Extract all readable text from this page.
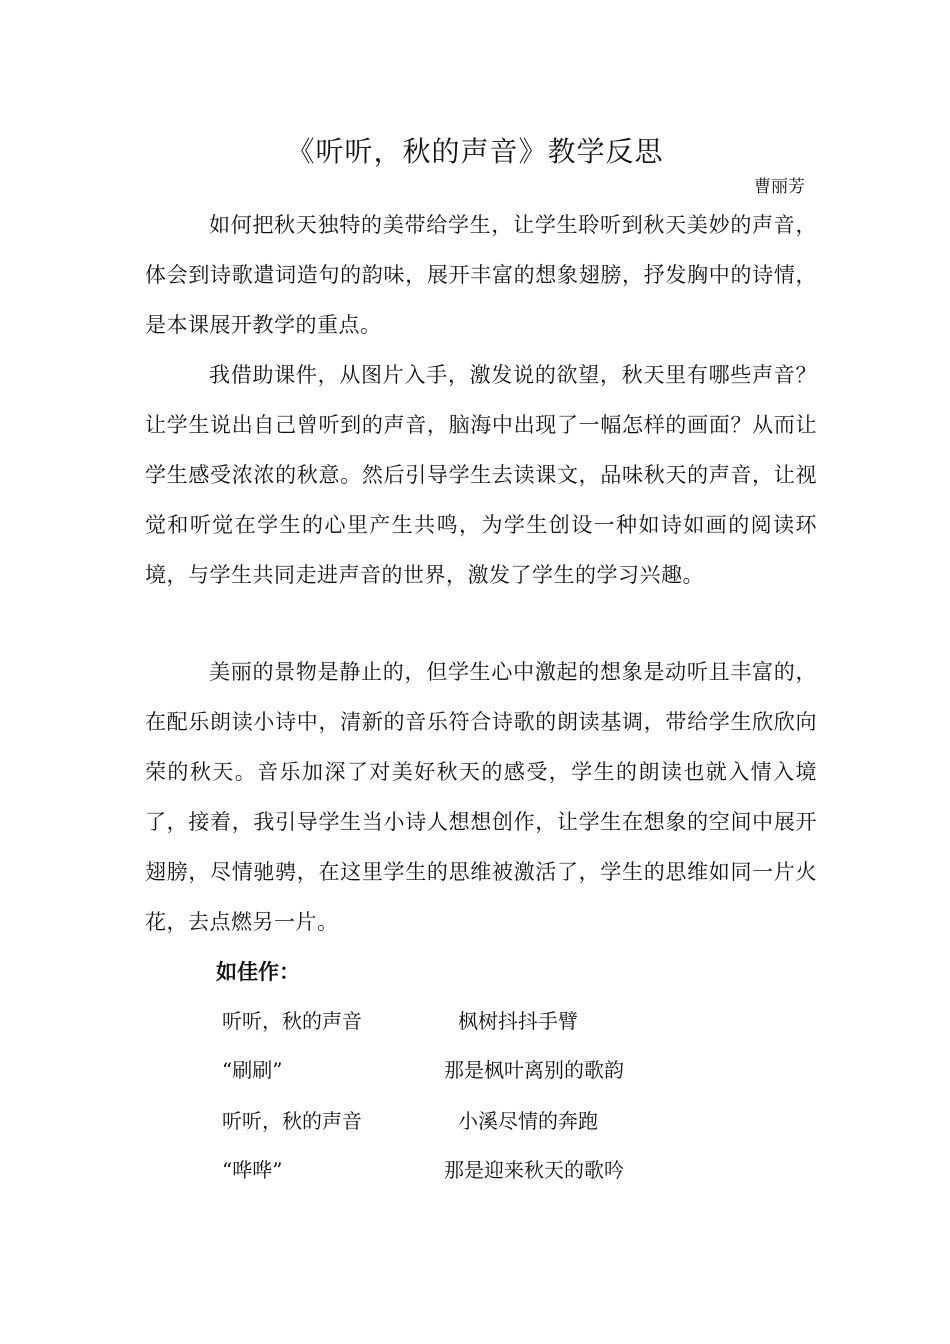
《听听，秋的声音》教学反思
曹丽芳

如何把秋天独特的美带给学生，让学生聆听到秋天美妙的声音，体会到诗歌遣词造句的韵味，展开丰富的想象翅膀，抒发胸中的诗情，是本课展开教学的重点。

我借助课件，从图片入手，激发说的欲望，秋天里有哪些声音？让学生说出自己曾听到的声音，脑海中出现了一幅怎样的画面？从而让学生感受浓浓的秋意。然后引导学生去读课文，品味秋天的声音，让视觉和听觉在学生的心里产生共鸣，为学生创设一种如诗如画的阅读环境，与学生共同走进声音的世界，激发了学生的学习兴趣。

美丽的景物是静止的，但学生心中激起的想象是动听且丰富的，在配乐朗读小诗中，清新的音乐符合诗歌的朗读基调，带给学生欣欣向荣的秋天。音乐加深了对美好秋天的感受，学生的朗读也就入情入境了，接着，我引导学生当小诗人想想创作，让学生在想象的空间中展开翅膀，尽情驰骋，在这里学生的思维被激活了，学生的思维如同一片火花，去点燃另一片。

如佳作：
听听，秋的声音	枫树抖抖手臂
“刷刷”	那是枫叶离别的歌韵
听听，秋的声音	小溪尽情的奔跑
“哗哗”	那是迎来秋天的歌吟
